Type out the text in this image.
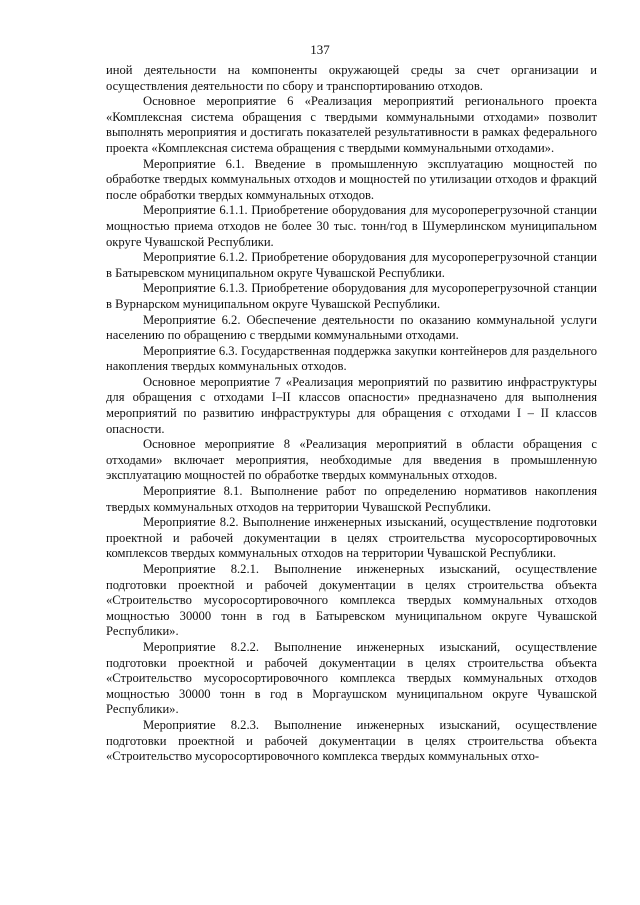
137

иной деятельности на компоненты окружающей среды за счет организации и осуществления деятельности по сбору и транспортированию отходов.

Основное мероприятие 6 «Реализация мероприятий регионального проекта «Комплексная система обращения с твердыми коммунальными отходами» позволит выполнять мероприятия и достигать показателей результативности в рамках федерального проекта «Комплексная система обращения с твердыми коммунальными отходами».

Мероприятие 6.1. Введение в промышленную эксплуатацию мощностей по обработке твердых коммунальных отходов и мощностей по утилизации отходов и фракций после обработки твердых коммунальных отходов.

Мероприятие 6.1.1. Приобретение оборудования для мусороперегрузочной станции мощностью приема отходов не более 30 тыс. тонн/год в Шумерлинском муниципальном округе Чувашской Республики.

Мероприятие 6.1.2. Приобретение оборудования для мусороперегрузочной станции в Батыревском муниципальном округе Чувашской Республики.

Мероприятие 6.1.3. Приобретение оборудования для мусороперегрузочной станции в Вурнарском муниципальном округе Чувашской Республики.

Мероприятие 6.2. Обеспечение деятельности по оказанию коммунальной услуги населению по обращению с твердыми коммунальными отходами.

Мероприятие 6.3. Государственная поддержка закупки контейнеров для раздельного накопления твердых коммунальных отходов.

Основное мероприятие 7 «Реализация мероприятий по развитию инфраструктуры для обращения с отходами I–II классов опасности» предназначено для выполнения мероприятий по развитию инфраструктуры для обращения с отходами I – II классов опасности.

Основное мероприятие 8 «Реализация мероприятий в области обращения с отходами» включает мероприятия, необходимые для введения в промышленную эксплуатацию мощностей по обработке твердых коммунальных отходов.

Мероприятие 8.1. Выполнение работ по определению нормативов накопления твердых коммунальных отходов на территории Чувашской Республики.

Мероприятие 8.2. Выполнение инженерных изысканий, осуществление подготовки проектной и рабочей документации в целях строительства мусоросортировочных комплексов твердых коммунальных отходов на территории Чувашской Республики.

Мероприятие 8.2.1. Выполнение инженерных изысканий, осуществление подготовки проектной и рабочей документации в целях строительства объекта «Строительство мусоросортировочного комплекса твердых коммунальных отходов мощностью 30000 тонн в год в Батыревском муниципальном округе Чувашской Республики».

Мероприятие 8.2.2. Выполнение инженерных изысканий, осуществление подготовки проектной и рабочей документации в целях строительства объекта «Строительство мусоросортировочного комплекса твердых коммунальных отходов мощностью 30000 тонн в год в Моргаушском муниципальном округе Чувашской Республики».

Мероприятие 8.2.3. Выполнение инженерных изысканий, осуществление подготовки проектной и рабочей документации в целях строительства объекта «Строительство мусоросортировочного комплекса твердых коммунальных отхо-
